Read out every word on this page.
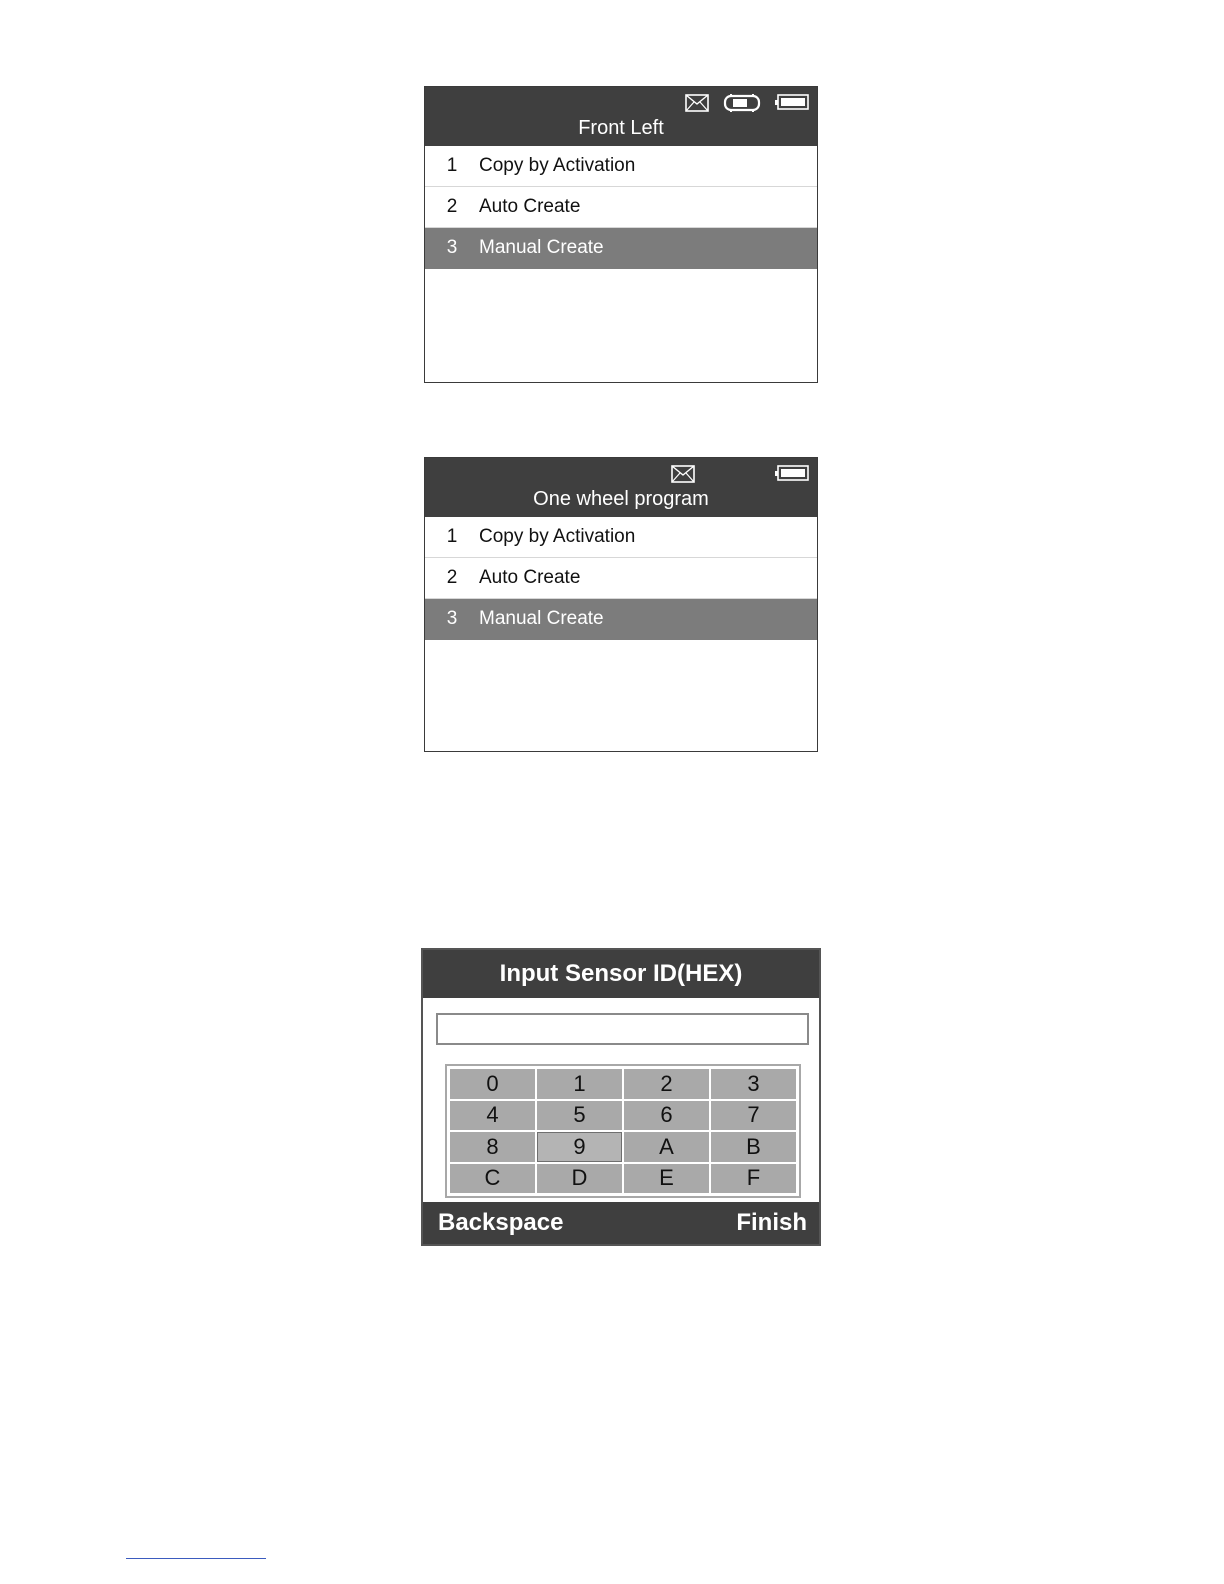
Front Left
1	Copy by Activation
2	Auto Create
3	Manual Create
One wheel program
1	Copy by Activation
2	Auto Create
3	Manual Create
Input Sensor ID(HEX)
0	1	2	3
4	5	6	7
8	9	A	B
C	D	E	F
Backspace	Finish
